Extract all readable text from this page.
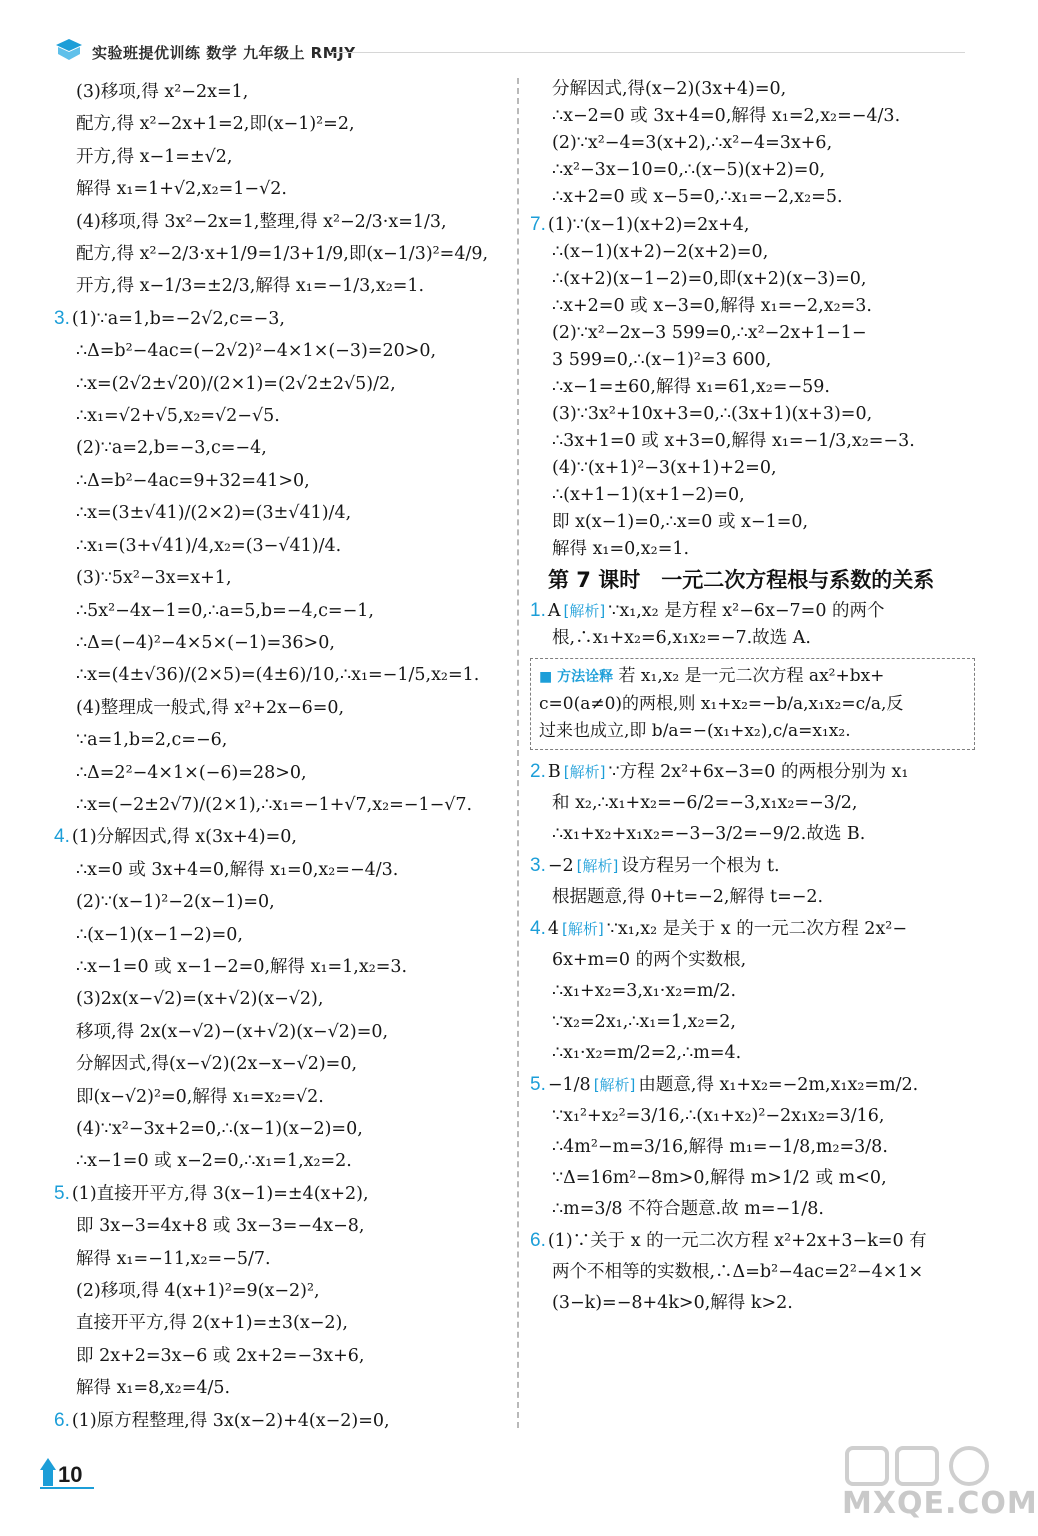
实验班提优训练 数学 九年级上 RMJY
(3)移项,得 x²−2x=1,
配方,得 x²−2x+1=2,即(x−1)²=2,
开方,得 x−1=±√2,
解得 x₁=1+√2,x₂=1−√2.
(4)移项,得 3x²−2x=1,整理,得 x²−2/3·x=1/3,
配方,得 x²−2/3·x+1/9=1/3+1/9,即(x−1/3)²=4/9,
开方,得 x−1/3=±2/3,解得 x₁=−1/3,x₂=1.
3. (1)∵a=1,b=−2√2,c=−3,
∴Δ=b²−4ac=(−2√2)²−4×1×(−3)=20>0,
∴x=(2√2±√20)/(2×1)=(2√2±2√5)/2,
∴x₁=√2+√5,x₂=√2−√5.
(2)∵a=2,b=−3,c=−4,
∴Δ=b²−4ac=9+32=41>0,
∴x=(3±√41)/(2×2)=(3±√41)/4,
∴x₁=(3+√41)/4,x₂=(3−√41)/4.
(3)∵5x²−3x=x+1,
∴5x²−4x−1=0,∴a=5,b=−4,c=−1,
∴Δ=(−4)²−4×5×(−1)=36>0,
∴x=(4±√36)/(2×5)=(4±6)/10,∴x₁=−1/5,x₂=1.
(4)整理成一般式,得 x²+2x−6=0,
∵a=1,b=2,c=−6,
∴Δ=2²−4×1×(−6)=28>0,
∴x=(−2±2√7)/(2×1),∴x₁=−1+√7,x₂=−1−√7.
4. (1)分解因式,得 x(3x+4)=0,
∴x=0 或 3x+4=0,解得 x₁=0,x₂=−4/3.
(2)∵(x−1)²−2(x−1)=0,
∴(x−1)(x−1−2)=0,
∴x−1=0 或 x−1−2=0,解得 x₁=1,x₂=3.
(3)2x(x−√2)=(x+√2)(x−√2),
移项,得 2x(x−√2)−(x+√2)(x−√2)=0,
分解因式,得(x−√2)(2x−x−√2)=0,
即(x−√2)²=0,解得 x₁=x₂=√2.
(4)∵x²−3x+2=0,∴(x−1)(x−2)=0,
∴x−1=0 或 x−2=0,∴x₁=1,x₂=2.
5. (1)直接开平方,得 3(x−1)=±4(x+2),
即 3x−3=4x+8 或 3x−3=−4x−8,
解得 x₁=−11,x₂=−5/7.
(2)移项,得 4(x+1)²=9(x−2)²,
直接开平方,得 2(x+1)=±3(x−2),
即 2x+2=3x−6 或 2x+2=−3x+6,
解得 x₁=8,x₂=4/5.
6. (1)原方程整理,得 3x(x−2)+4(x−2)=0,
分解因式,得(x−2)(3x+4)=0,
∴x−2=0 或 3x+4=0,解得 x₁=2,x₂=−4/3.
(2)∵x²−4=3(x+2),∴x²−4=3x+6,
∴x²−3x−10=0,∴(x−5)(x+2)=0,
∴x+2=0 或 x−5=0,∴x₁=−2,x₂=5.
7. (1)∵(x−1)(x+2)=2x+4,
∴(x−1)(x+2)−2(x+2)=0,
∴(x+2)(x−1−2)=0,即(x+2)(x−3)=0,
∴x+2=0 或 x−3=0,解得 x₁=−2,x₂=3.
(2)∵x²−2x−3 599=0,∴x²−2x+1−1−
3 599=0,∴(x−1)²=3 600,
∴x−1=±60,解得 x₁=61,x₂=−59.
(3)∵3x²+10x+3=0,∴(3x+1)(x+3)=0,
∴3x+1=0 或 x+3=0,解得 x₁=−1/3,x₂=−3.
(4)∵(x+1)²−3(x+1)+2=0,
∴(x+1−1)(x+1−2)=0,
即 x(x−1)=0,∴x=0 或 x−1=0,
解得 x₁=0,x₂=1.
第 7 课时　一元二次方程根与系数的关系
1. A [解析] ∵x₁,x₂ 是方程 x²−6x−7=0 的两个
根,∴x₁+x₂=6,x₁x₂=−7.故选 A.
■ 方法诠释 若 x₁,x₂ 是一元二次方程 ax²+bx+
c=0(a≠0)的两根,则 x₁+x₂=−b/a,x₁x₂=c/a,反
过来也成立,即 b/a=−(x₁+x₂),c/a=x₁x₂.
2. B [解析] ∵方程 2x²+6x−3=0 的两根分别为 x₁
和 x₂,∴x₁+x₂=−6/2=−3,x₁x₂=−3/2,
∴x₁+x₂+x₁x₂=−3−3/2=−9/2.故选 B.
3. −2 [解析] 设方程另一个根为 t.
根据题意,得 0+t=−2,解得 t=−2.
4. 4 [解析] ∵x₁,x₂ 是关于 x 的一元二次方程 2x²−
6x+m=0 的两个实数根,
∴x₁+x₂=3,x₁·x₂=m/2.
∵x₂=2x₁,∴x₁=1,x₂=2,
∴x₁·x₂=m/2=2,∴m=4.
5. −1/8 [解析] 由题意,得 x₁+x₂=−2m,x₁x₂=m/2.
∵x₁²+x₂²=3/16,∴(x₁+x₂)²−2x₁x₂=3/16,
∴4m²−m=3/16,解得 m₁=−1/8,m₂=3/8.
∵Δ=16m²−8m>0,解得 m>1/2 或 m<0,
∴m=3/8 不符合题意.故 m=−1/8.
6. (1)∵关于 x 的一元二次方程 x²+2x+3−k=0 有
两个不相等的实数根,∴Δ=b²−4ac=2²−4×1×
(3−k)=−8+4k>0,解得 k>2.
10
MXQE.COM
